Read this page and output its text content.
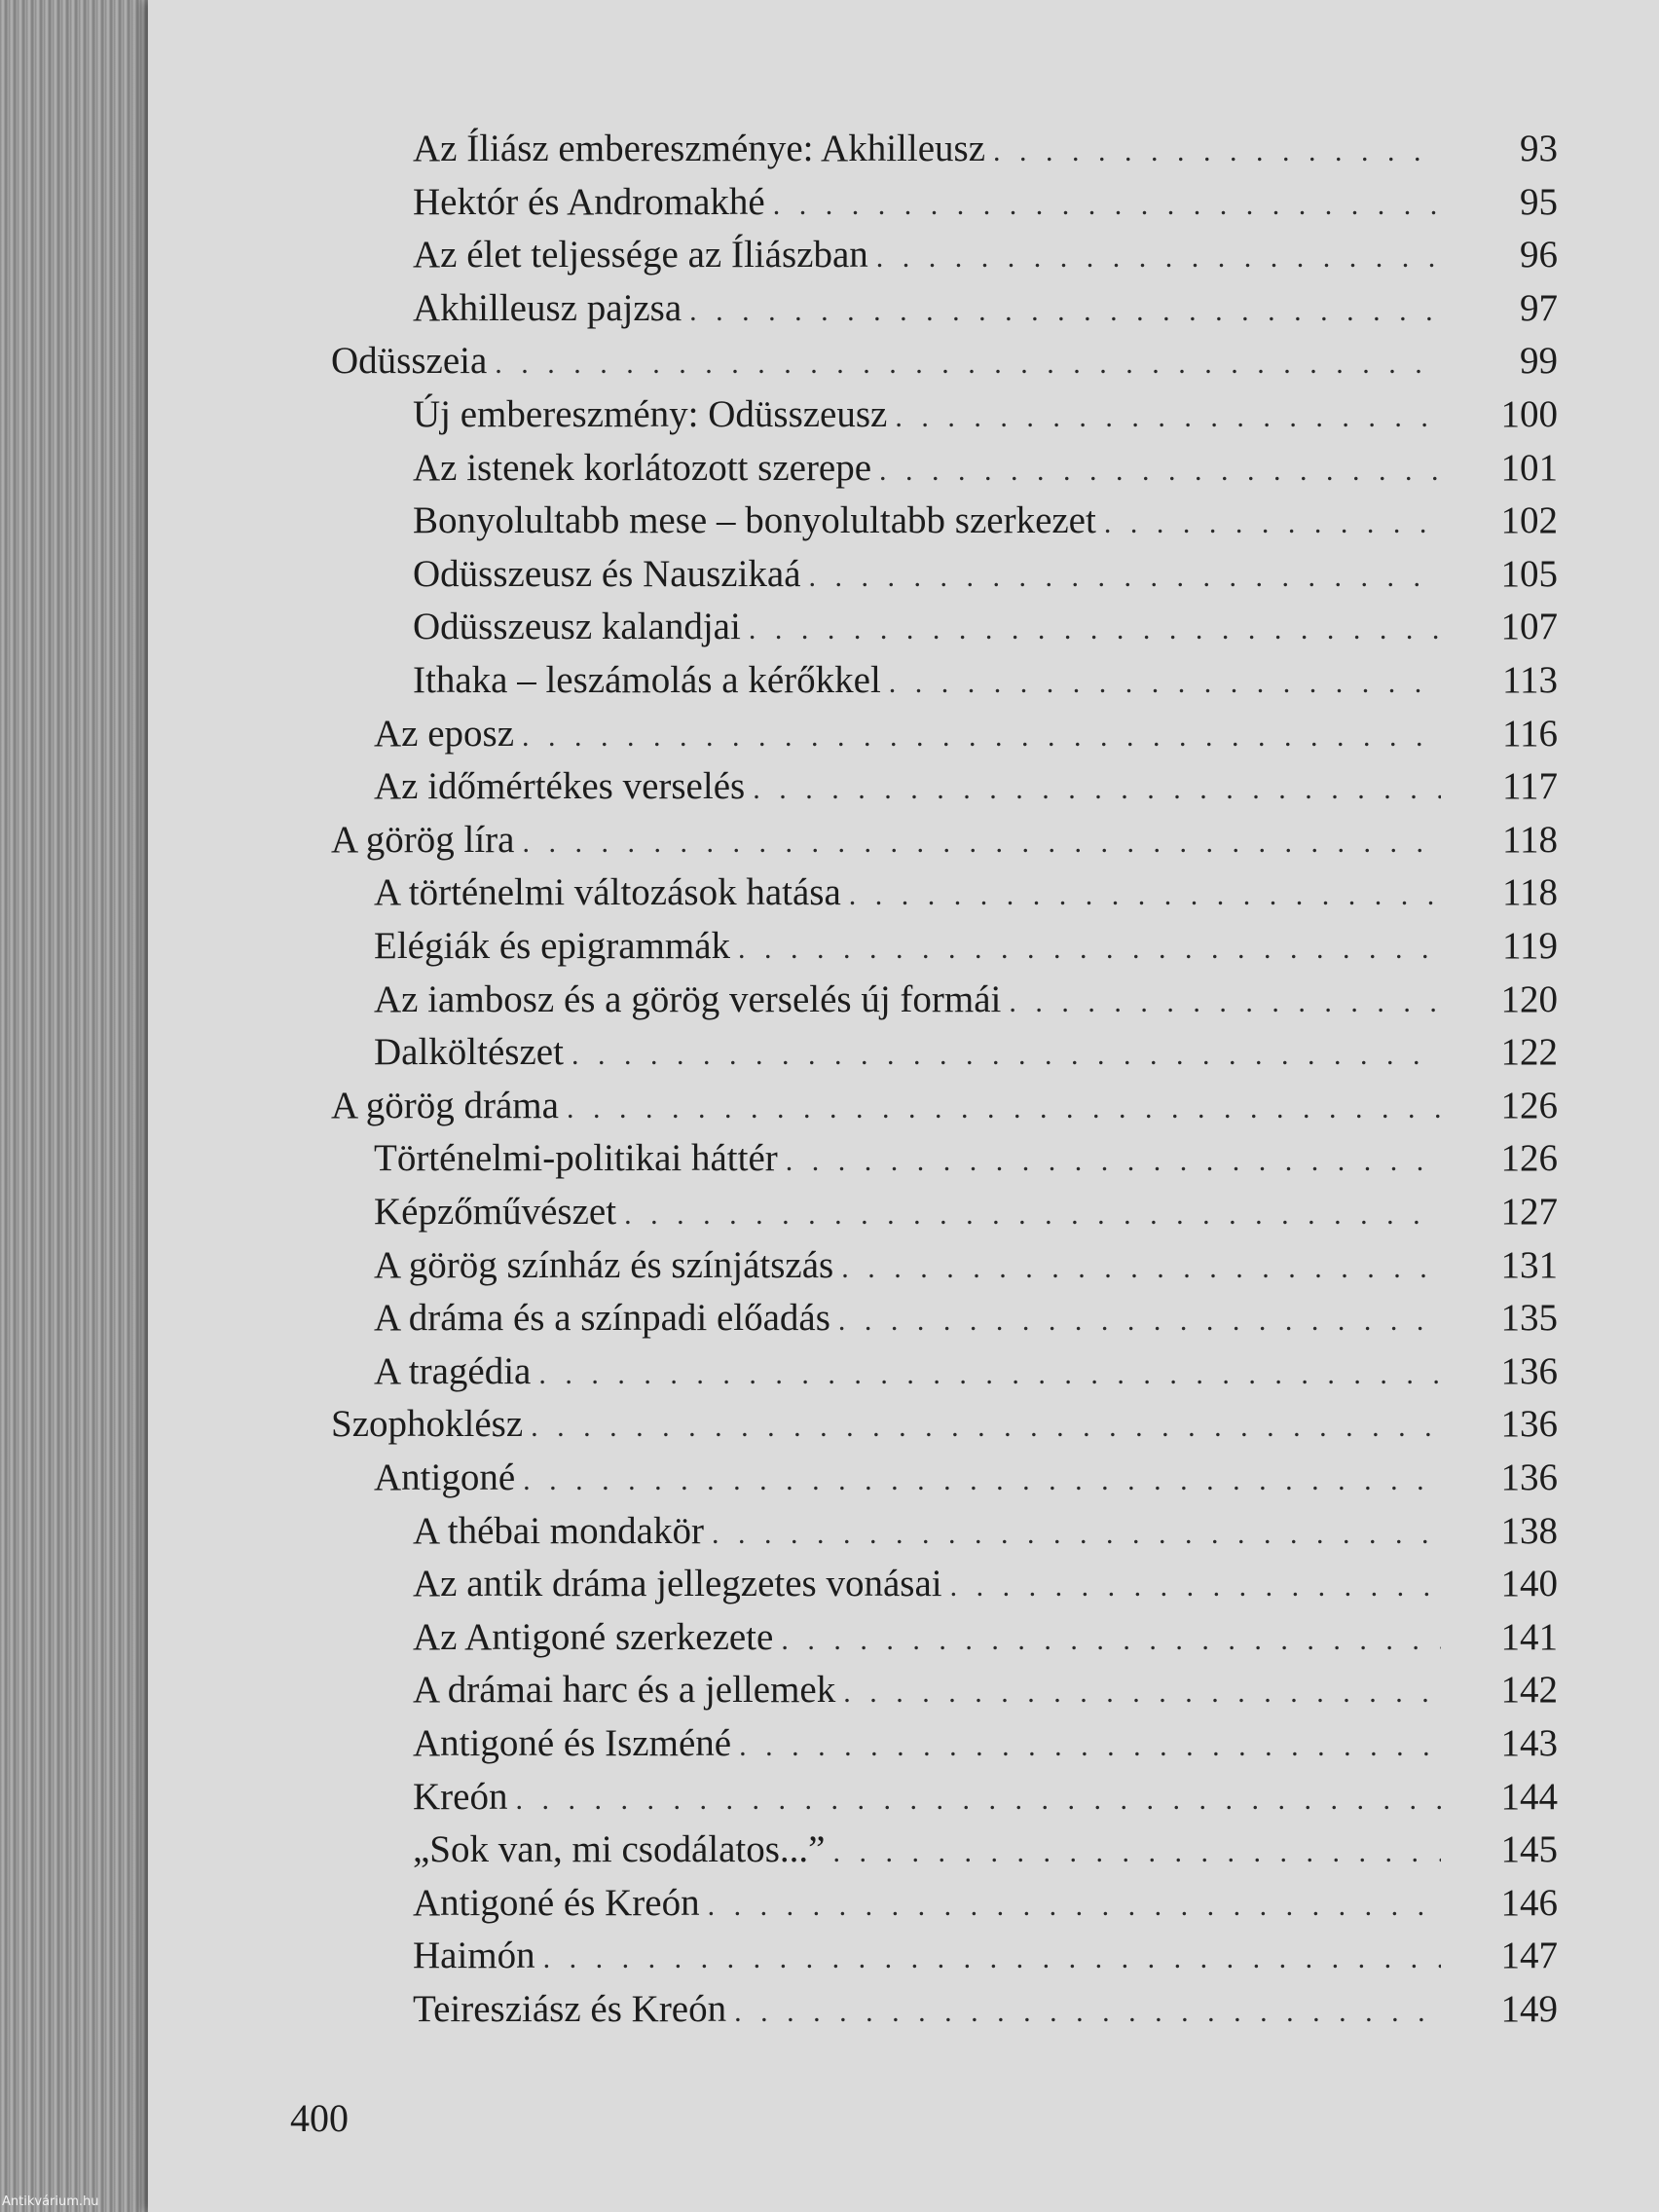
Az Íliász embereszménye: Akhilleusz . . .	93
Hektór és Andromakhé . . .	95
Az élet teljessége az Íliászban . . .	96
Akhilleusz pajzsa . . .	97
Odüsszeia . . .	99
Új embereszmény: Odüsszeusz . . .	100
Az istenek korlátozott szerepe . . .	101
Bonyolultabb mese – bonyolultabb szerkezet . . .	102
Odüsszeusz és Nauszikaá . . .	105
Odüsszeusz kalandjai . . .	107
Ithaka – leszámolás a kérőkkel . . .	113
Az eposz . . .	116
Az időmértékes verselés . . .	117
A görög líra . . .	118
A történelmi változások hatása . . .	118
Elégiák és epigrammák . . .	119
Az iambosz és a görög verselés új formái . . .	120
Dalköltészet . . .	122
A görög dráma . . .	126
Történelmi-politikai háttér . . .	126
Képzőművészet . . .	127
A görög színház és színjátszás . . .	131
A dráma és a színpadi előadás . . .	135
A tragédia . . .	136
Szophoklész . . .	136
Antigoné . . .	136
A thébai mondakör . . .	138
Az antik dráma jellegzetes vonásai . . .	140
Az Antigoné szerkezete . . .	141
A drámai harc és a jellemek . . .	142
Antigoné és Iszméné . . .	143
Kreón . . .	144
„Sok van, mi csodálatos...” . . .	145
Antigoné és Kreón . . .	146
Haimón . . .	147
Teiresziász és Kreón . . .	149
400
Antikvárium.hu
